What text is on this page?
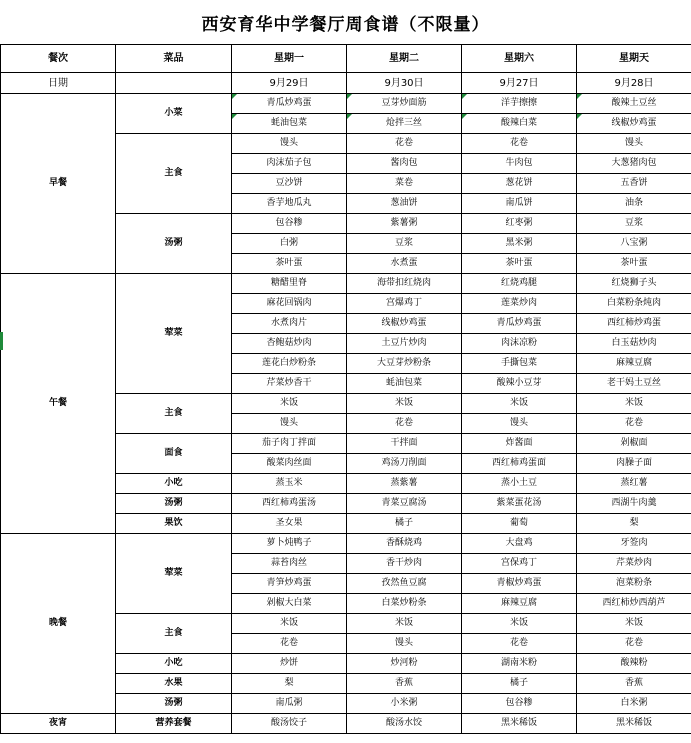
西安育华中学餐厅周食谱（不限量）
餐次	菜品	星期一	星期二	星期六	星期天
日期		9月29日	9月30日	9月27日	9月28日
早餐	小菜	青瓜炒鸡蛋	豆芽炒面筋	洋芋擦擦	酸辣土豆丝
		蚝油包菜	炝拌三丝	酸辣白菜	线椒炒鸡蛋
	主食	馒头	花卷	花卷	馒头
		肉沫茄子包	酱肉包	牛肉包	大葱猪肉包
		豆沙饼	菜卷	葱花饼	五香饼
		香芋地瓜丸	葱油饼	南瓜饼	油条
	汤粥	包谷糁	紫薯粥	红枣粥	豆浆
		白粥	豆浆	黑米粥	八宝粥
		茶叶蛋	水煮蛋	茶叶蛋	茶叶蛋
午餐	荤菜	糖醋里脊	海带扣红烧肉	红烧鸡腿	红烧狮子头
		麻花回锅肉	宫爆鸡丁	莲菜炒肉	白菜粉条炖肉
		水煮肉片	线椒炒鸡蛋	青瓜炒鸡蛋	西红柿炒鸡蛋
		杏鲍菇炒肉	土豆片炒肉	肉沫凉粉	白玉菇炒肉
		莲花白炒粉条	大豆芽炒粉条	手撕包菜	麻辣豆腐
		芹菜炒香干	蚝油包菜	酸辣小豆芽	老干妈土豆丝
	主食	米饭	米饭	米饭	米饭
		馒头	花卷	馒头	花卷
	面食	茄子肉丁拌面	干拌面	炸酱面	剁椒面
		酸菜肉丝面	鸡汤刀削面	西红柿鸡蛋面	肉臊子面
	小吃	蒸玉米	蒸紫薯	蒸小土豆	蒸红薯
	汤粥	西红柿鸡蛋汤	青菜豆腐汤	紫菜蛋花汤	西湖牛肉羹
	果饮	圣女果	橘子	葡萄	梨
晚餐	荤菜	萝卜炖鸭子	香酥烧鸡	大盘鸡	牙签肉
		蒜苔肉丝	香干炒肉	宫保鸡丁	芹菜炒肉
		青笋炒鸡蛋	孜然鱼豆腐	青椒炒鸡蛋	泡菜粉条
		剁椒大白菜	白菜炒粉条	麻辣豆腐	西红柿炒西葫芦
	主食	米饭	米饭	米饭	米饭
		花卷	馒头	花卷	花卷
	小吃	炒饼	炒河粉	湖南米粉	酸辣粉
	水果	梨	香蕉	橘子	香蕉
	汤粥	南瓜粥	小米粥	包谷糁	白米粥
夜宵	营养套餐	酸汤饺子	酸汤水饺	黑米稀饭	黑米稀饭
